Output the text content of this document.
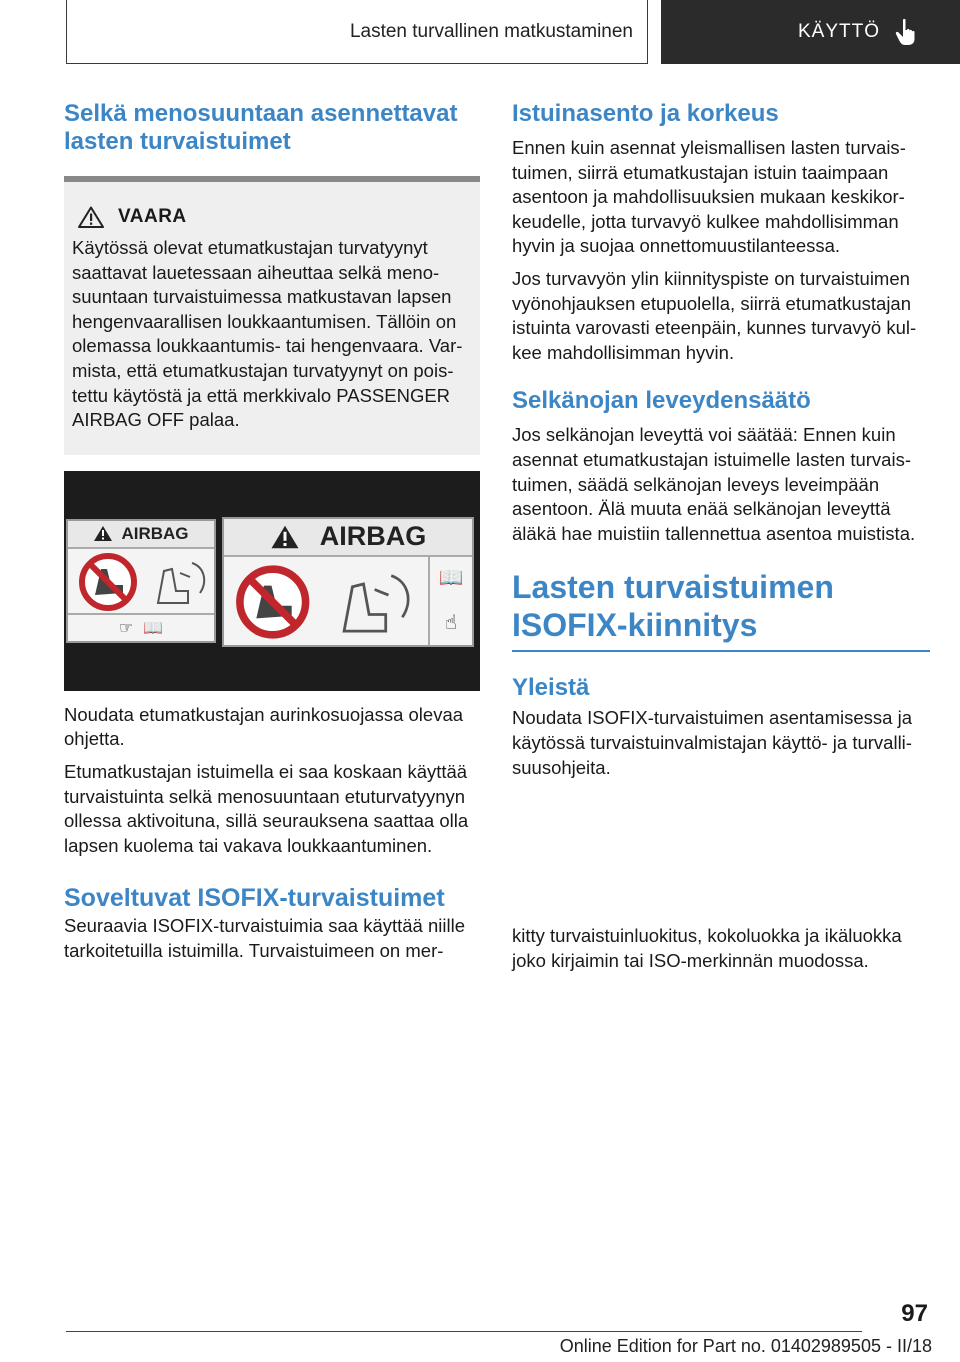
Lasten turvallinen matkustaminen	KÄYTTÖ
Selkä menosuuntaan asennettavat lasten turvaistuimet
VAARA

Käytössä olevat etumatkustajan turvatyynyt saattavat lauetessaan aiheuttaa selkä menosuuntaan turvaistuimessa matkustavan lapsen hengenvaarallisen loukkaantumisen. Tällöin on olemassa loukkaantumis- tai hengenvaara. Varmista, että etumatkustajan turvatyynyt on poistettu käytöstä ja että merkkivalo PASSENGER AIRBAG OFF palaa.

AIRBAG
☞ 📖
AIRBAG
📖
☝

Noudata etumatkustajan aurinkosuojassa olevaa ohjetta.

Etumatkustajan istuimella ei saa koskaan käyttää turvaistuinta selkä menosuuntaan etuturvatyynyn ollessa aktivoituna, sillä seurauksena saattaa olla lapsen kuolema tai vakava loukkaantuminen.

Soveltuvat ISOFIX-turvaistuimet

Seuraavia ISOFIX-turvaistuimia saa käyttää niille tarkoitetuilla istuimilla. Turvaistuimeen on mer-

Istuinasento ja korkeus

Ennen kuin asennat yleismallisen lasten turvaistuimen, siirrä etumatkustajan istuin taaimpaan asentoon ja mahdollisuuksien mukaan keskikorkeudelle, jotta turvavyö kulkee mahdollisimman hyvin ja suojaa onnettomuustilanteessa.

Jos turvavyön ylin kiinnityspiste on turvaistuimen vyönohjauksen etupuolella, siirrä etumatkustajan istuinta varovasti eteenpäin, kunnes turvavyö kulkee mahdollisimman hyvin.

Selkänojan leveydensäätö

Jos selkänojan leveyttä voi säätää: Ennen kuin asennat etumatkustajan istuimelle lasten turvaistuimen, säädä selkänojan leveys leveimpään asentoon. Älä muuta enää selkänojan leveyttä äläkä hae muistiin tallennettua asentoa muistista.

Lasten turvaistuimen
ISOFIX-kiinnitys
Yleistä

Noudata ISOFIX-turvaistuimen asentamisessa ja käytössä turvaistuinvalmistajan käyttö- ja turvallisuusohjeita.

kitty turvaistuinluokitus, kokoluokka ja ikäluokka joko kirjaimin tai ISO-merkinnän muodossa.

97
Online Edition for Part no. 01402989505 - II/18
